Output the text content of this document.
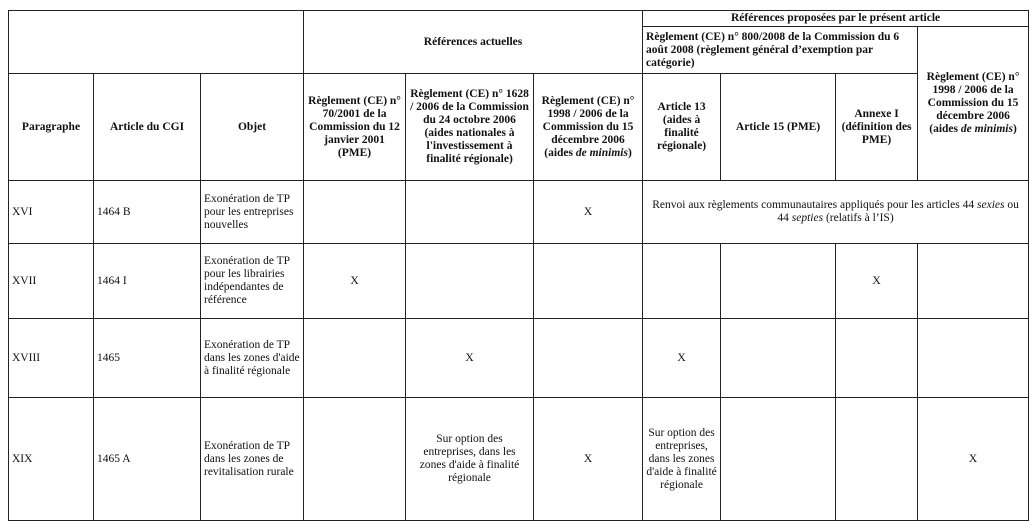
			Références actuelles			Références proposées par le présent article			
						Règlement (CE) n° 800/2008 de la Commission du 6 août 2008 (règlement général d’exemption par catégorie)			Règlement (CE) n° 1998 / 2006 de la Commission du 15 décembre 2006 (aides de minimis)
Paragraphe	Article du CGI	Objet	Règlement (CE) n° 70/2001 de la Commission du 12 janvier 2001 (PME)	Règlement (CE) n° 1628 / 2006 de la Commission du 24 octobre 2006 (aides nationales à l'investissement à finalité régionale)	Règlement (CE) n° 1998 / 2006 de la Commission du 15 décembre 2006 (aides de minimis)	Article 13 (aides à finalité régionale)	Article 15 (PME)	Annexe I (définition des PME)	
XVI	1464 B	Exonération de TP pour les entreprises nouvelles			X	Renvoi aux règlements communautaires appliqués pour les articles 44 sexies ou 44 septies (relatifs à l’IS)			
XVII	1464 I	Exonération de TP pour les librairies indépendantes de référence	X					X	
XVIII	1465	Exonération de TP dans les zones d'aide à finalité régionale		X		X			
XIX	1465 A	Exonération de TP dans les zones de revitalisation rurale		Sur option des entreprises, dans les zones d'aide à finalité régionale	X	Sur option des entreprises, dans les zones d'aide à finalité régionale			X
